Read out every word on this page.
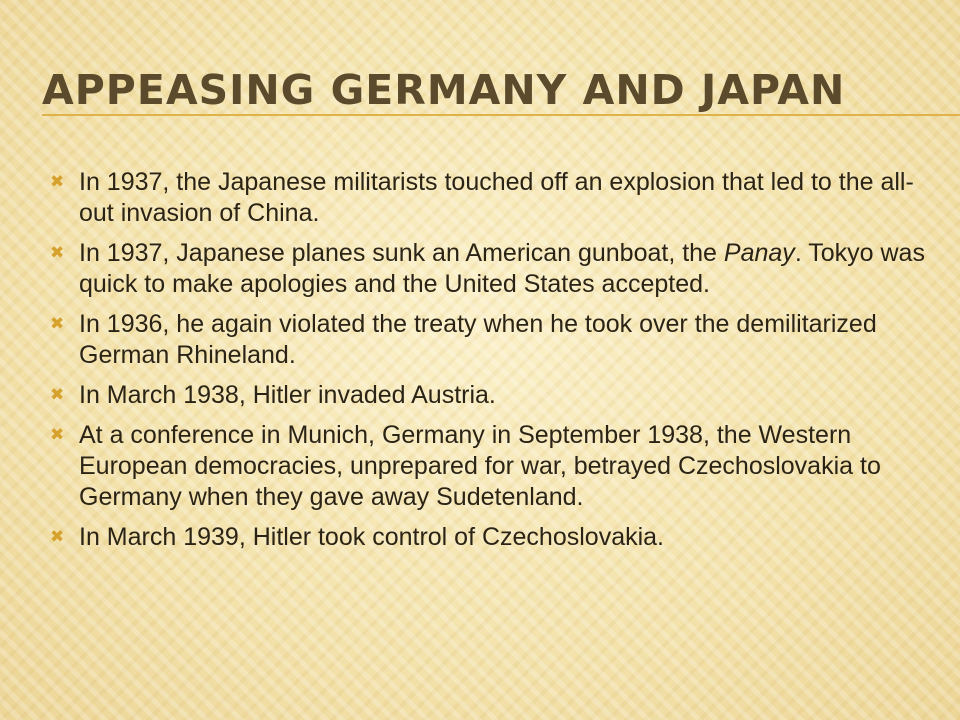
APPEASING GERMANY AND JAPAN
✖ In 1937, the Japanese militarists touched off an explosion that led to the all-out invasion of China.
✖ In 1937, Japanese planes sunk an American gunboat, the Panay. Tokyo was quick to make apologies and the United States accepted.
✖ In 1936, he again violated the treaty when he took over the demilitarized German Rhineland.
✖ In March 1938, Hitler invaded Austria.
✖ At a conference in Munich, Germany in September 1938, the Western European democracies, unprepared for war, betrayed Czechoslovakia to Germany when they gave away Sudetenland.
✖ In March 1939, Hitler took control of Czechoslovakia.
